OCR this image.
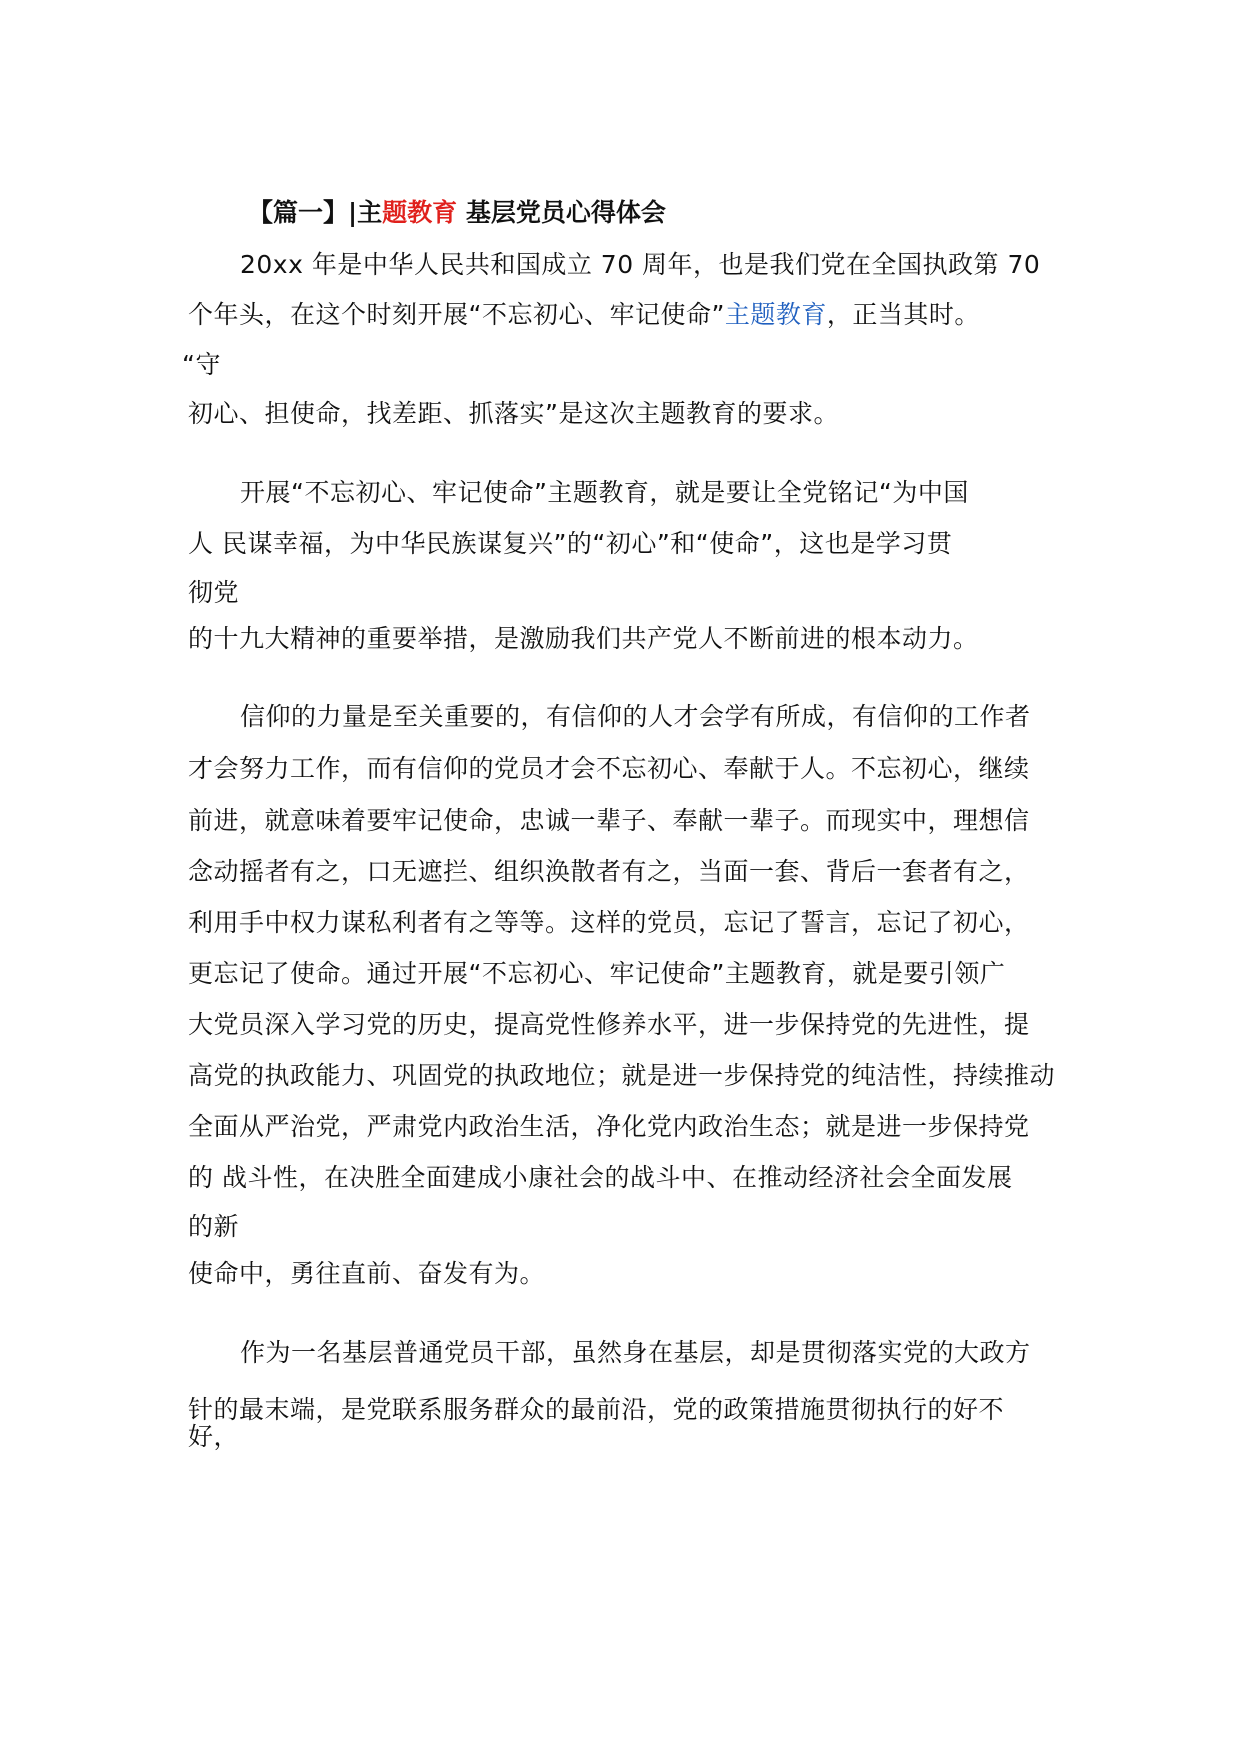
【篇一】|主题教育 基层党员心得体会
20xx 年是中华人民共和国成立 70 周年，也是我们党在全国执政第 70
个年头，在这个时刻开展“不忘初心、牢记使命”主题教育，正当其时。
“守
初心、担使命，找差距、抓落实”是这次主题教育的要求。
开展“不忘初心、牢记使命”主题教育，就是要让全党铭记“为中国
人 民谋幸福，为中华民族谋复兴”的“初心”和“使命”，这也是学习贯
彻党
的十九大精神的重要举措，是激励我们共产党人不断前进的根本动力。
信仰的力量是至关重要的，有信仰的人才会学有所成，有信仰的工作者
才会努力工作，而有信仰的党员才会不忘初心、奉献于人。不忘初心，继续
前进，就意味着要牢记使命，忠诚一辈子、奉献一辈子。而现实中，理想信
念动摇者有之，口无遮拦、组织涣散者有之，当面一套、背后一套者有之，
利用手中权力谋私利者有之等等。这样的党员，忘记了誓言，忘记了初心，
更忘记了使命。通过开展“不忘初心、牢记使命”主题教育，就是要引领广
大党员深入学习党的历史，提高党性修养水平，进一步保持党的先进性，提
高党的执政能力、巩固党的执政地位；就是进一步保持党的纯洁性，持续推动
全面从严治党，严肃党内政治生活，净化党内政治生态；就是进一步保持党
的 战斗性，在决胜全面建成小康社会的战斗中、在推动经济社会全面发展
的新
使命中，勇往直前、奋发有为。
作为一名基层普通党员干部，虽然身在基层，却是贯彻落实党的大政方
针的最末端，是党联系服务群众的最前沿，党的政策措施贯彻执行的好不
好，
